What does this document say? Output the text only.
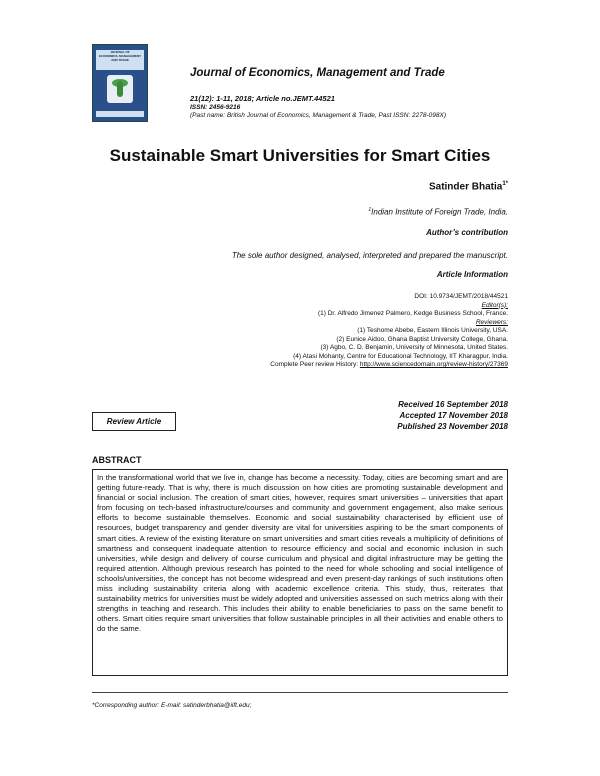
JOURNAL OF
ECONOMICS, MANAGEMENT AND TRADE
Journal of Economics, Management and Trade
21(12): 1-11, 2018; Article no.JEMT.44521
ISSN: 2456-9216
(Past name: British Journal of Economics, Management & Trade, Past ISSN: 2278-098X)
Sustainable Smart Universities for Smart Cities
Satinder Bhatia$^{1*}$
$^1$Indian Institute of Foreign Trade, India.
Author’s contribution
The sole author designed, analysed, interpreted and prepared the manuscript.
Article Information
DOI: 10.9734/JEMT/2018/44521
Editor(s):
(1) Dr. Alfredo Jimenez Palmero, Kedge Business School, France.
Reviewers:
(1) Teshome Abebe, Eastern Illinois University, USA.
(2) Eunice Aidoo, Ghana Baptist University College, Ghana.
(3) Agbo, C. D. Benjamin, University of Minnesota, United States.
(4) Atasi Mohanty, Centre for Educational Technology, IIT Kharagpur, India.
Complete Peer review History: http://www.sciencedomain.org/review-history/27369
Review Article
Received 16 September 2018
Accepted 17 November 2018
Published 23 November 2018
ABSTRACT
In the transformational world that we live in, change has become a necessity. Today, cities are becoming smart and are getting future-ready. That is why, there is much discussion on how cities are promoting sustainable development and financial or social inclusion. The creation of smart cities, however, requires smart universities – universities that apart from focusing on tech-based infrastructure/courses and community and government engagement, also make serious efforts to become sustainable themselves. Economic and social sustainability characterised by efficient use of resources, budget transparency and gender diversity are vital for universities aspiring to be the smart components of smart cities. A review of the existing literature on smart universities and smart cities reveals a multiplicity of definitions of smartness and consequent inadequate attention to resource efficiency and social and economic inclusion in such universities, while design and delivery of course curriculum and physical and digital infrastructure may be getting the required attention. Although previous research has pointed to the need for whole schooling and social intelligence of schools/universities, the concept has not become widespread and even present-day rankings of such institutions often miss including sustainability criteria along with academic excellence criteria. This study, thus, reiterates that sustainability metrics for universities must be widely adopted and universities assessed on such metrics along with their strengths in teaching and research. This includes their ability to enable beneficiaries to pass on the same benefit to others. Smart cities require smart universities that follow sustainable principles in all their activities and enable others to do the same.
*Corresponding author: E-mail: satinderbhatia@iift.edu;
